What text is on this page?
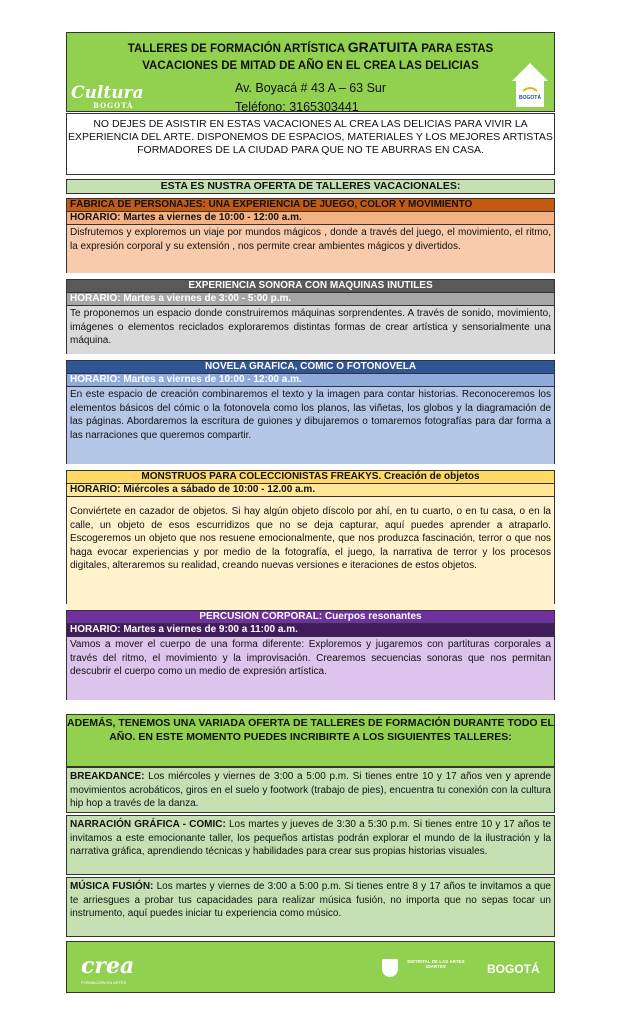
TALLERES DE FORMACIÓN ARTÍSTICA GRATUITA PARA ESTAS
VACACIONES DE MITAD DE AÑO EN EL CREA LAS DELICIAS
Av. Boyacá # 43 A – 63 Sur
Teléfono: 3165303441
Cultura
BOGOTÁ
BOGOTÁ
NO DEJES DE ASISTIR EN ESTAS VACACIONES AL CREA LAS DELICIAS PARA VIVIR LA EXPERIENCIA DEL ARTE. DISPONEMOS DE ESPACIOS, MATERIALES Y LOS MEJORES ARTISTAS FORMADORES DE LA CIUDAD PARA QUE NO TE ABURRAS EN CASA.
ESTA ES NUSTRA OFERTA DE TALLERES VACACIONALES:
FÁBRICA DE PERSONAJES: UNA EXPERIENCIA DE JUEGO, COLOR Y MOVIMIENTO
HORARIO: Martes a viernes de 10:00 - 12:00 a.m.
Disfrutemos y exploremos un viaje por mundos mágicos , donde a través del juego, el movimiento, el ritmo, la expresión corporal y su extensión , nos permite crear ambientes mágicos y divertidos.
EXPERIENCIA SONORA CON MÁQUINAS INÚTILES
HORARIO: Martes a viernes de 3:00 - 5:00 p.m.
Te proponemos un espacio donde construiremos máquinas sorprendentes. A través de sonido, movimiento, imágenes o elementos reciclados exploraremos distintas formas de crear artística y sensorialmente una máquina.
NOVELA GRÁFICA, CÓMIC O FOTONOVELA
HORARIO: Martes a viernes de 10:00 - 12:00 a.m.
En este espacio de creación combinaremos el texto y la imagen para contar historias. Reconoceremos los elementos básicos del cómic o la fotonovela como los planos, las viñetas, los globos y la diagramación de las páginas. Abordaremos la escritura de guiones y dibujaremos o tomaremos fotografías para dar forma a las narraciones que queremos compartir.
MONSTRUOS PARA COLECCIONISTAS FREAKYS. Creación de objetos
HORARIO: Miércoles a sábado de 10:00 - 12.00 a.m.
Conviértete en cazador de objetos. Si hay algún objeto díscolo por ahí, en tu cuarto, o en tu casa, o en la calle, un objeto de esos escurridizos que no se deja capturar, aquí puedes aprender a atraparlo. Escogeremos un objeto que nos resuene emocionalmente, que nos produzca fascinación, terror o que nos haga evocar experiencias y por medio de la fotografía, el juego, la narrativa de terror y los procesos digitales, alteraremos su realidad, creando nuevas versiones e iteraciones de estos objetos.
PERCUSIÓN CORPORAL: Cuerpos resonantes
HORARIO: Martes a viernes de 9:00 a 11:00 a.m.
Vamos a mover el cuerpo de una forma diferente: Exploremos y jugaremos con partituras corporales a través del ritmo, el movimiento y la improvisación. Crearemos secuencias sonoras que nos permitan descubrir el cuerpo como un medio de expresión artística.
ADEMÁS, TENEMOS UNA VARIADA OFERTA DE TALLERES DE FORMACIÓN DURANTE TODO EL AÑO. EN ESTE MOMENTO PUEDES INCRIBIRTE A LOS SIGUIENTES TALLERES:
BREAKDANCE: Los miércoles y viernes de 3:00 a 5:00 p.m. Si tienes entre 10 y 17 años ven y aprende movimientos acrobáticos, giros en el suelo y footwork (trabajo de pies), encuentra tu conexión con la cultura hip hop a través de la danza.
NARRACIÓN GRÁFICA - COMIC: Los martes y jueves de 3:30 a 5:30 p.m. Si tienes entre 10 y 17 años te invitamos a este emocionante taller, los pequeños artistas podrán explorar el mundo de la ilustración y la narrativa gráfica, aprendiendo técnicas y habilidades para crear sus propias historias visuales.
MÚSICA FUSIÓN: Los martes y viernes de 3:00 a 5:00 p.m. Si tienes entre 8 y 17 años te invitamos a que te arriesgues a probar tus capacidades para realizar música fusión, no importa que no sepas tocar un instrumento, aquí puedes iniciar tu experiencia como músico.
crea
FORMACIÓN EN ARTES
DISTRITAL DE LAS ARTES IDARTES	BOGOTÁ
